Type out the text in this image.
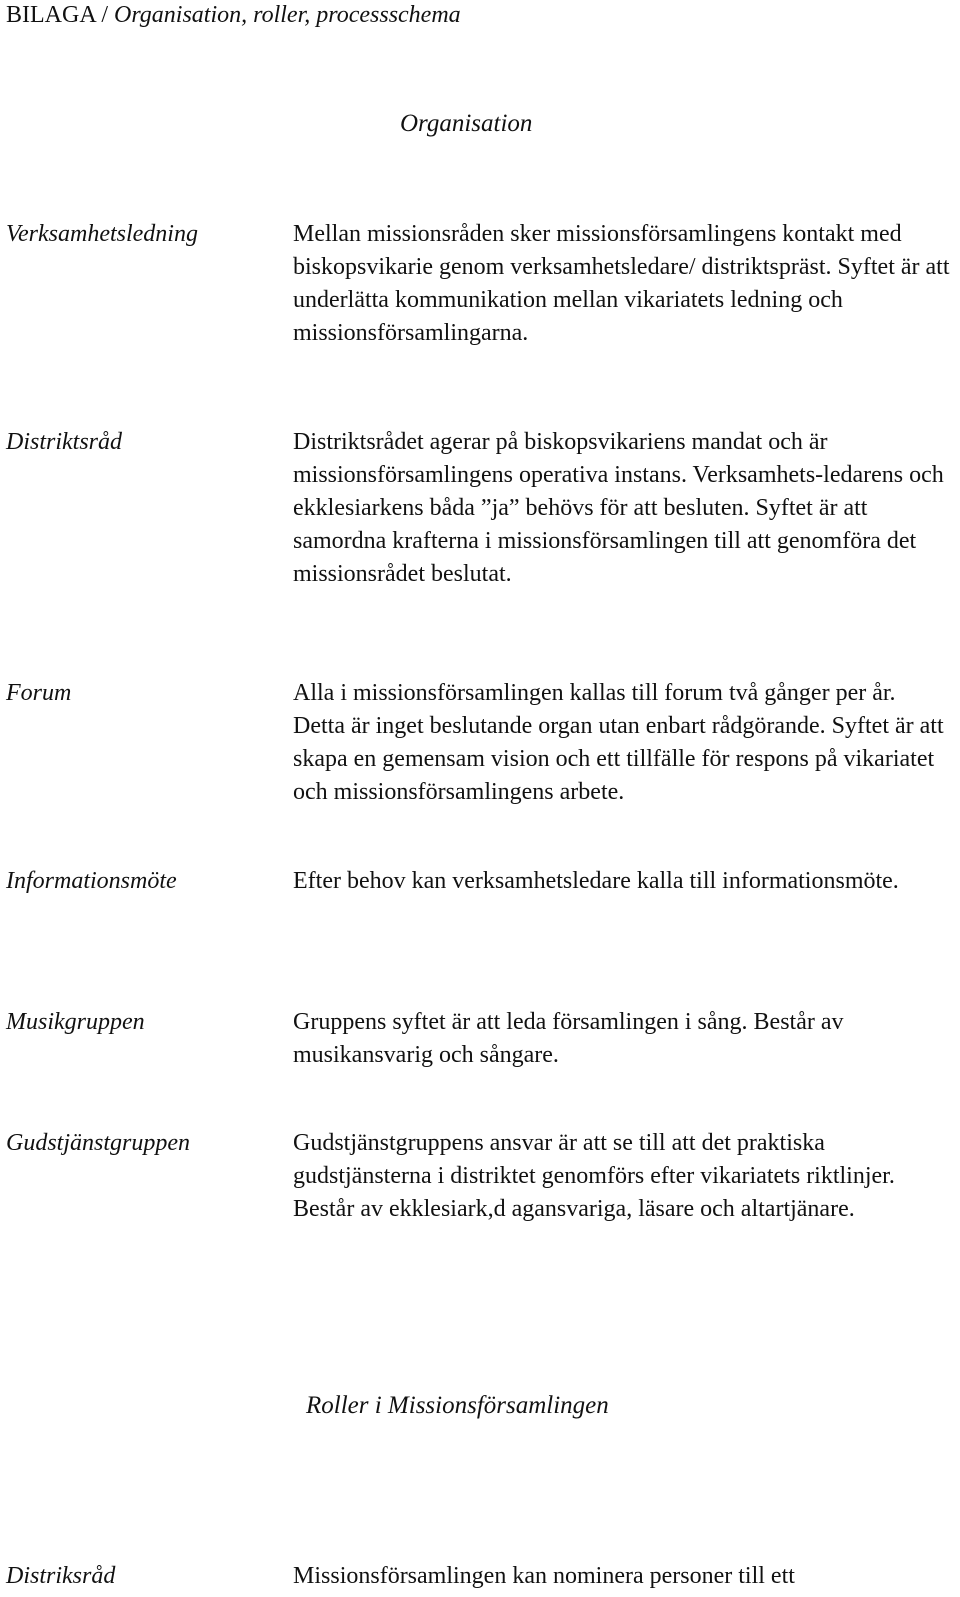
BILAGA / Organisation, roller, processschema
Organisation
Verksamhetsledning	Mellan missionsråden sker missionsförsamlingens kontakt med biskopsvikarie genom verksamhetsledare/ distriktspräst. Syftet är att underlätta kommunikation mellan vikariatets ledning och missionsförsamlingarna.
Distriktsråd	Distriktsrådet agerar på biskopsvikariens mandat och är missionsförsamlingens operativa instans. Verksamhets-ledarens och ekklesiarkens båda ”ja” behövs för att besluten. Syftet är att samordna krafterna i missionsförsamlingen till att genomföra det missionsrådet beslutat.
Forum	Alla i missionsförsamlingen kallas till forum två gånger per år. Detta är inget beslutande organ utan enbart rådgörande. Syftet är att skapa en gemensam vision och ett tillfälle för respons på vikariatet och missionsförsamlingens arbete.
Informationsmöte	Efter behov kan verksamhetsledare kalla till informationsmöte.
Musikgruppen	Gruppens syftet är att leda församlingen i sång. Består av musikansvarig och sångare.
Gudstjänstgruppen	Gudstjänstgruppens ansvar är att se till att det praktiska gudstjänsterna i distriktet genomförs efter vikariatets riktlinjer. Består av ekklesiark,d agansvariga, läsare och altartjänare.
Roller i Missionsförsamlingen
Distriksråd	Missionsförsamlingen kan nominera personer till ett
